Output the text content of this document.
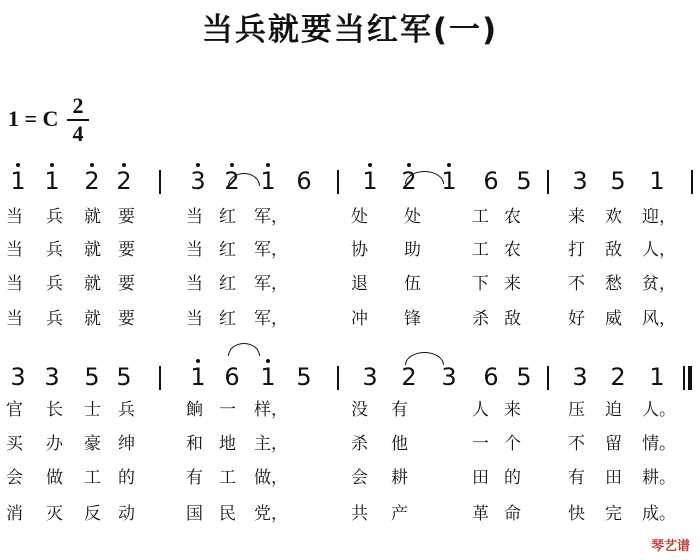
当兵就要当红军(一)
1 = C
2
4
1 1 2 2 3 2 1 6 1 2 1 6 5 3 5 1
当 兵 就 要	当 红 军，	处 处	工 农	来 欢 迎，
当 兵 就 要	当 红 军，	协 助	工 农	打 敌 人，
当 兵 就 要	当 红 军，	退 伍	下 来	不 愁 贫，
当 兵 就 要	当 红 军，	冲 锋	杀 敌	好 威 风，
3 3 5 5 1 6 1 5 3 2 3 6 5 3 2 1
官 长 士 兵	餉 一 样，	没 有	人 来	压 迫 人。
买 办 豪 绅	和 地 主，	杀 他	一 个	不 留 情。
会 做 工 的	有 工 做，	会 耕	田 的	有 田 耕。
消 灭 反 动	国 民 党，	共 产	革 命	快 完 成。
琴艺谱
